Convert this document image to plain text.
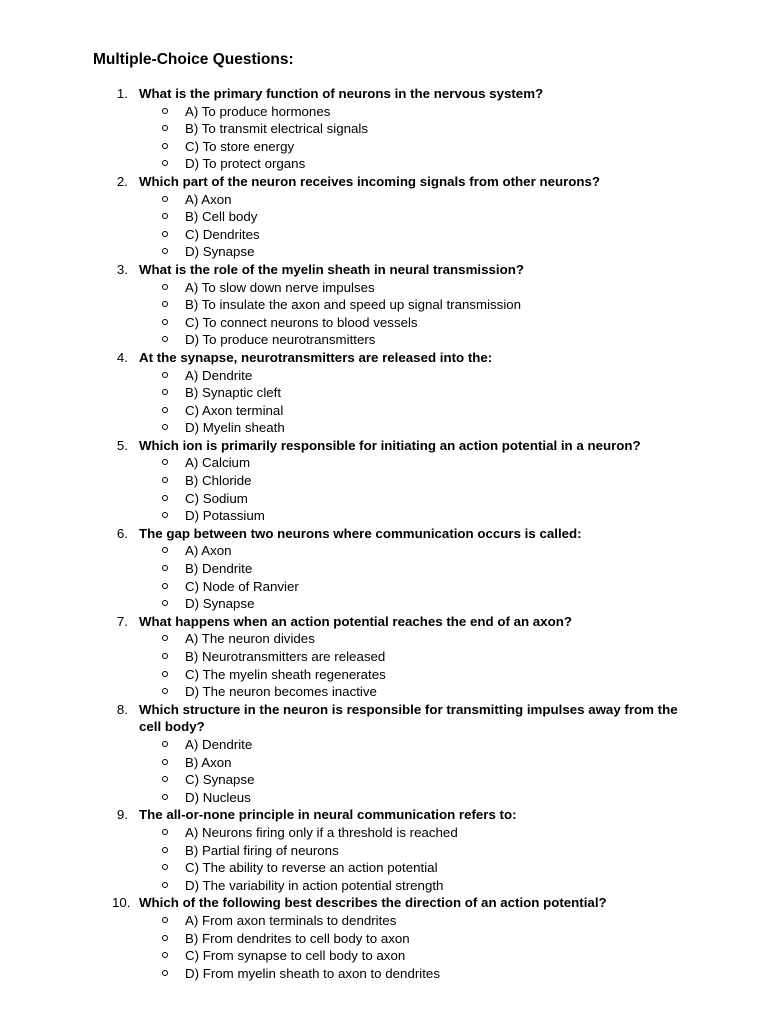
Multiple-Choice Questions:
1. What is the primary function of neurons in the nervous system?
A) To produce hormones
B) To transmit electrical signals
C) To store energy
D) To protect organs
2. Which part of the neuron receives incoming signals from other neurons?
A) Axon
B) Cell body
C) Dendrites
D) Synapse
3. What is the role of the myelin sheath in neural transmission?
A) To slow down nerve impulses
B) To insulate the axon and speed up signal transmission
C) To connect neurons to blood vessels
D) To produce neurotransmitters
4. At the synapse, neurotransmitters are released into the:
A) Dendrite
B) Synaptic cleft
C) Axon terminal
D) Myelin sheath
5. Which ion is primarily responsible for initiating an action potential in a neuron?
A) Calcium
B) Chloride
C) Sodium
D) Potassium
6. The gap between two neurons where communication occurs is called:
A) Axon
B) Dendrite
C) Node of Ranvier
D) Synapse
7. What happens when an action potential reaches the end of an axon?
A) The neuron divides
B) Neurotransmitters are released
C) The myelin sheath regenerates
D) The neuron becomes inactive
8. Which structure in the neuron is responsible for transmitting impulses away from the cell body?
A) Dendrite
B) Axon
C) Synapse
D) Nucleus
9. The all-or-none principle in neural communication refers to:
A) Neurons firing only if a threshold is reached
B) Partial firing of neurons
C) The ability to reverse an action potential
D) The variability in action potential strength
10. Which of the following best describes the direction of an action potential?
A) From axon terminals to dendrites
B) From dendrites to cell body to axon
C) From synapse to cell body to axon
D) From myelin sheath to axon to dendrites
